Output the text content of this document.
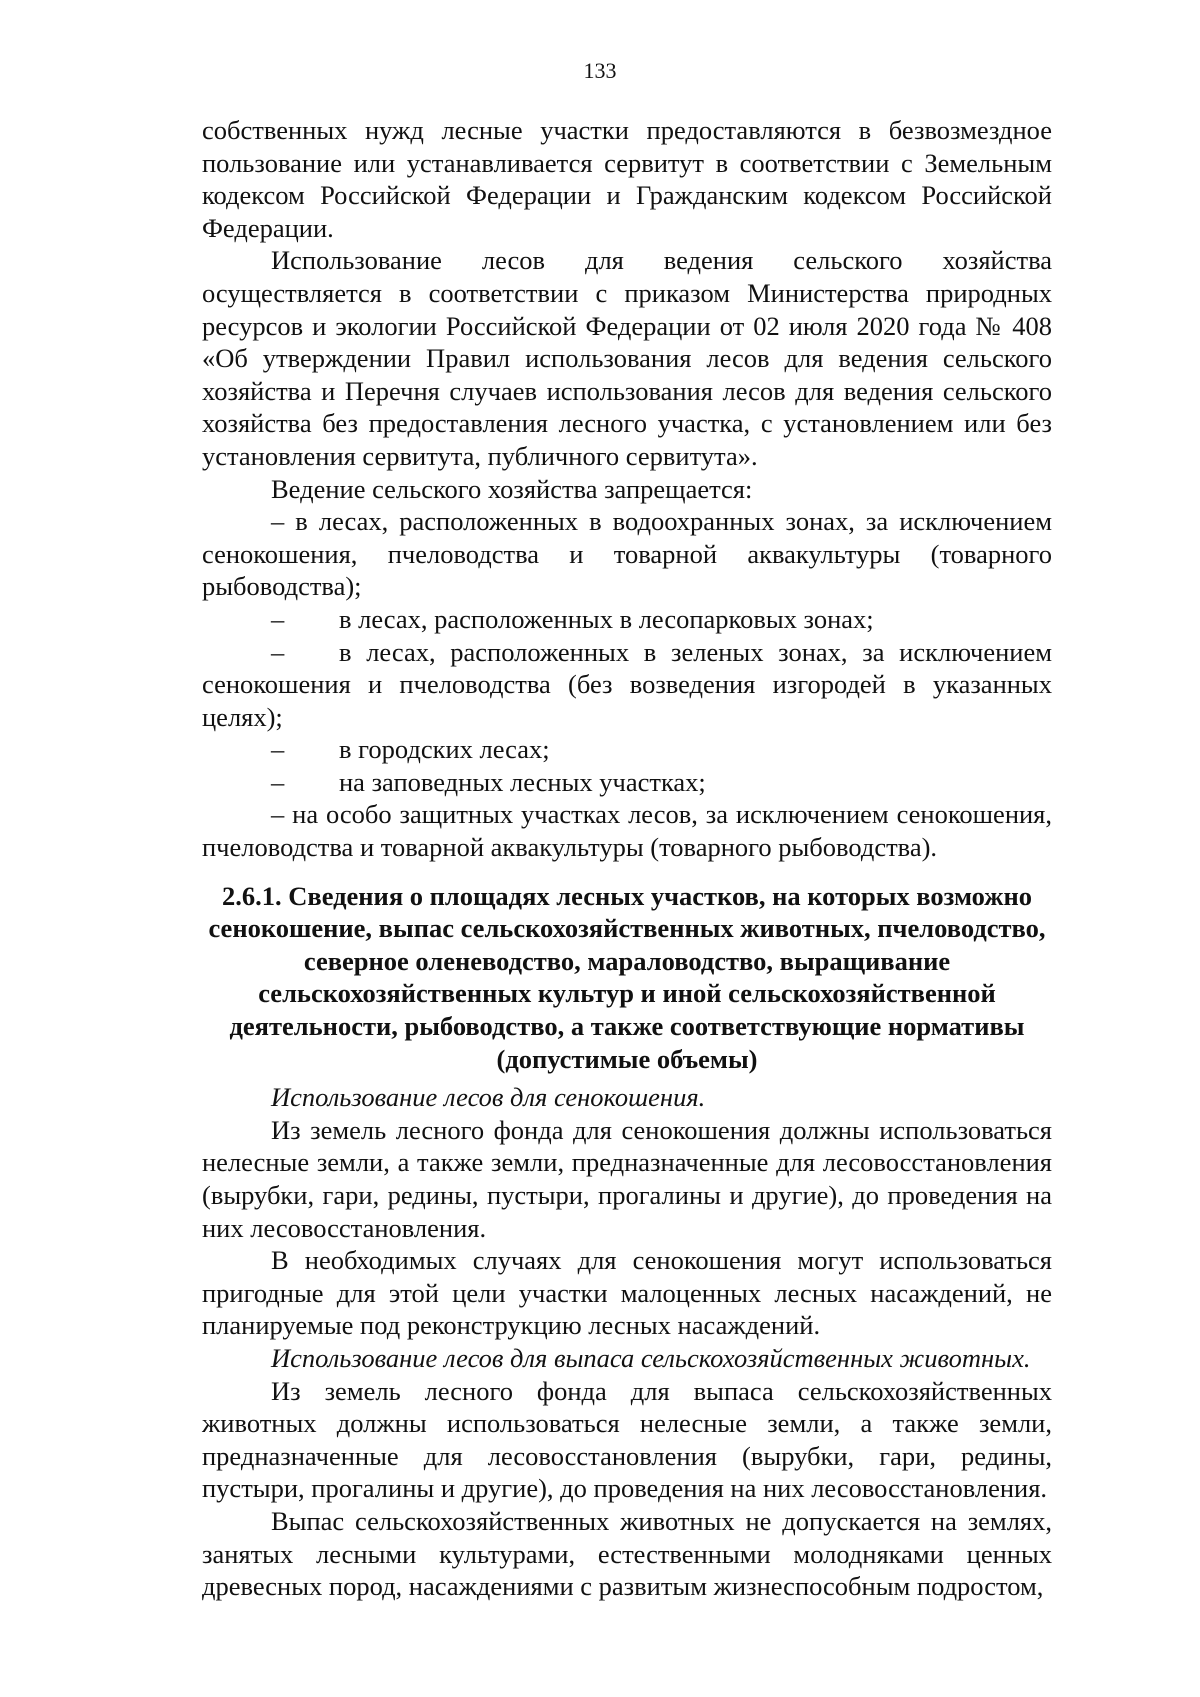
133

собственных нужд лесные участки предоставляются в безвозмездное пользование или устанавливается сервитут в соответствии с Земельным кодексом Российской Федерации и Гражданским кодексом Российской Федерации.

Использование лесов для ведения сельского хозяйства осуществляется в соответствии с приказом Министерства природных ресурсов и экологии Российской Федерации от 02 июля 2020 года № 408 «Об утверждении Правил использования лесов для ведения сельского хозяйства и Перечня случаев использования лесов для ведения сельского хозяйства без предоставления лесного участка, с установлением или без установления сервитута, публичного сервитута».

Ведение сельского хозяйства запрещается:

– в лесах, расположенных в водоохранных зонах, за исключением сенокошения, пчеловодства и товарной аквакультуры (товарного рыбоводства);

– в лесах, расположенных в лесопарковых зонах;

– в лесах, расположенных в зеленых зонах, за исключением сенокошения и пчеловодства (без возведения изгородей в указанных целях);

– в городских лесах;

– на заповедных лесных участках;

– на особо защитных участках лесов, за исключением сенокошения, пчеловодства и товарной аквакультуры (товарного рыбоводства).

2.6.1. Сведения о площадях лесных участков, на которых возможно сенокошение, выпас сельскохозяйственных животных, пчеловодство, северное оленеводство, мараловодство, выращивание сельскохозяйственных культур и иной сельскохозяйственной деятельности, рыбоводство, а также соответствующие нормативы (допустимые объемы)

Использование лесов для сенокошения.

Из земель лесного фонда для сенокошения должны использоваться нелесные земли, а также земли, предназначенные для лесовосстановления (вырубки, гари, редины, пустыри, прогалины и другие), до проведения на них лесовосстановления.

В необходимых случаях для сенокошения могут использоваться пригодные для этой цели участки малоценных лесных насаждений, не планируемые под реконструкцию лесных насаждений.

Использование лесов для выпаса сельскохозяйственных животных.

Из земель лесного фонда для выпаса сельскохозяйственных животных должны использоваться нелесные земли, а также земли, предназначенные для лесовосстановления (вырубки, гари, редины, пустыри, прогалины и другие), до проведения на них лесовосстановления.

Выпас сельскохозяйственных животных не допускается на землях, занятых лесными культурами, естественными молодняками ценных древесных пород, насаждениями с развитым жизнеспособным подростом,
